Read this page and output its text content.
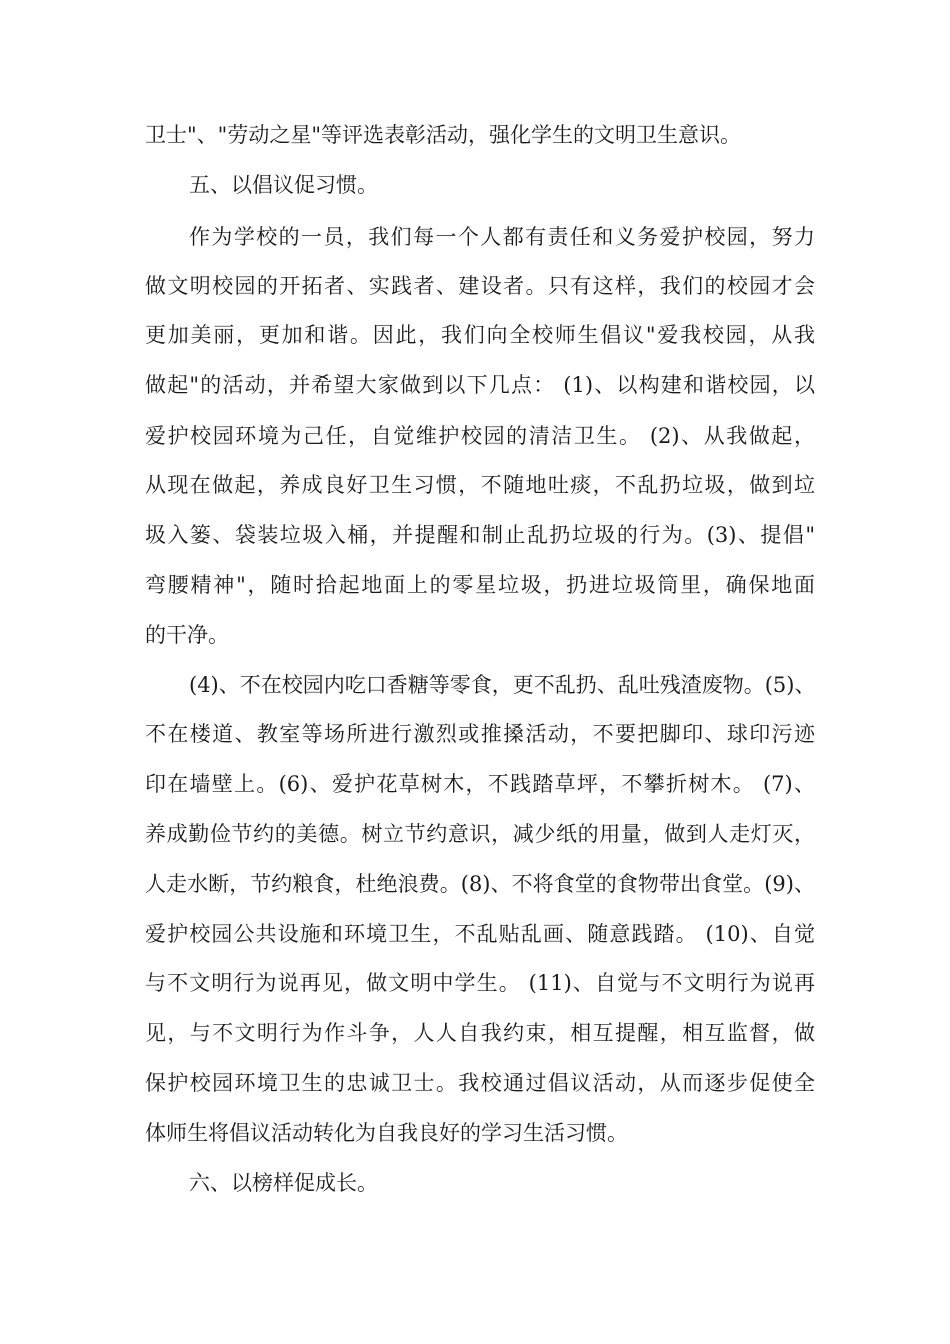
卫士"、"劳动之星"等评选表彰活动，强化学生的文明卫生意识。

五、以倡议促习惯。

作为学校的一员，我们每一个人都有责任和义务爱护校园，努力

做文明校园的开拓者、实践者、建设者。只有这样，我们的校园才会

更加美丽，更加和谐。因此，我们向全校师生倡议"爱我校园，从我

做起"的活动，并希望大家做到以下几点： (1)、以构建和谐校园，以

爱护校园环境为己任，自觉维护校园的清洁卫生。 (2)、从我做起，

从现在做起，养成良好卫生习惯，不随地吐痰，不乱扔垃圾，做到垃

圾入篓、袋装垃圾入桶，并提醒和制止乱扔垃圾的行为。(3)、提倡"

弯腰精神"，随时拾起地面上的零星垃圾，扔进垃圾筒里，确保地面

的干净。

(4)、不在校园内吃口香糖等零食，更不乱扔、乱吐残渣废物。(5)、

不在楼道、教室等场所进行激烈或推搡活动，不要把脚印、球印污迹

印在墙壁上。(6)、爱护花草树木，不践踏草坪，不攀折树木。 (7)、

养成勤俭节约的美德。树立节约意识，减少纸的用量，做到人走灯灭，

人走水断，节约粮食，杜绝浪费。(8)、不将食堂的食物带出食堂。(9)、

爱护校园公共设施和环境卫生，不乱贴乱画、随意践踏。 (10)、自觉

与不文明行为说再见，做文明中学生。 (11)、自觉与不文明行为说再

见，与不文明行为作斗争，人人自我约束，相互提醒，相互监督，做

保护校园环境卫生的忠诚卫士。我校通过倡议活动，从而逐步促使全

体师生将倡议活动转化为自我良好的学习生活习惯。

六、以榜样促成长。
